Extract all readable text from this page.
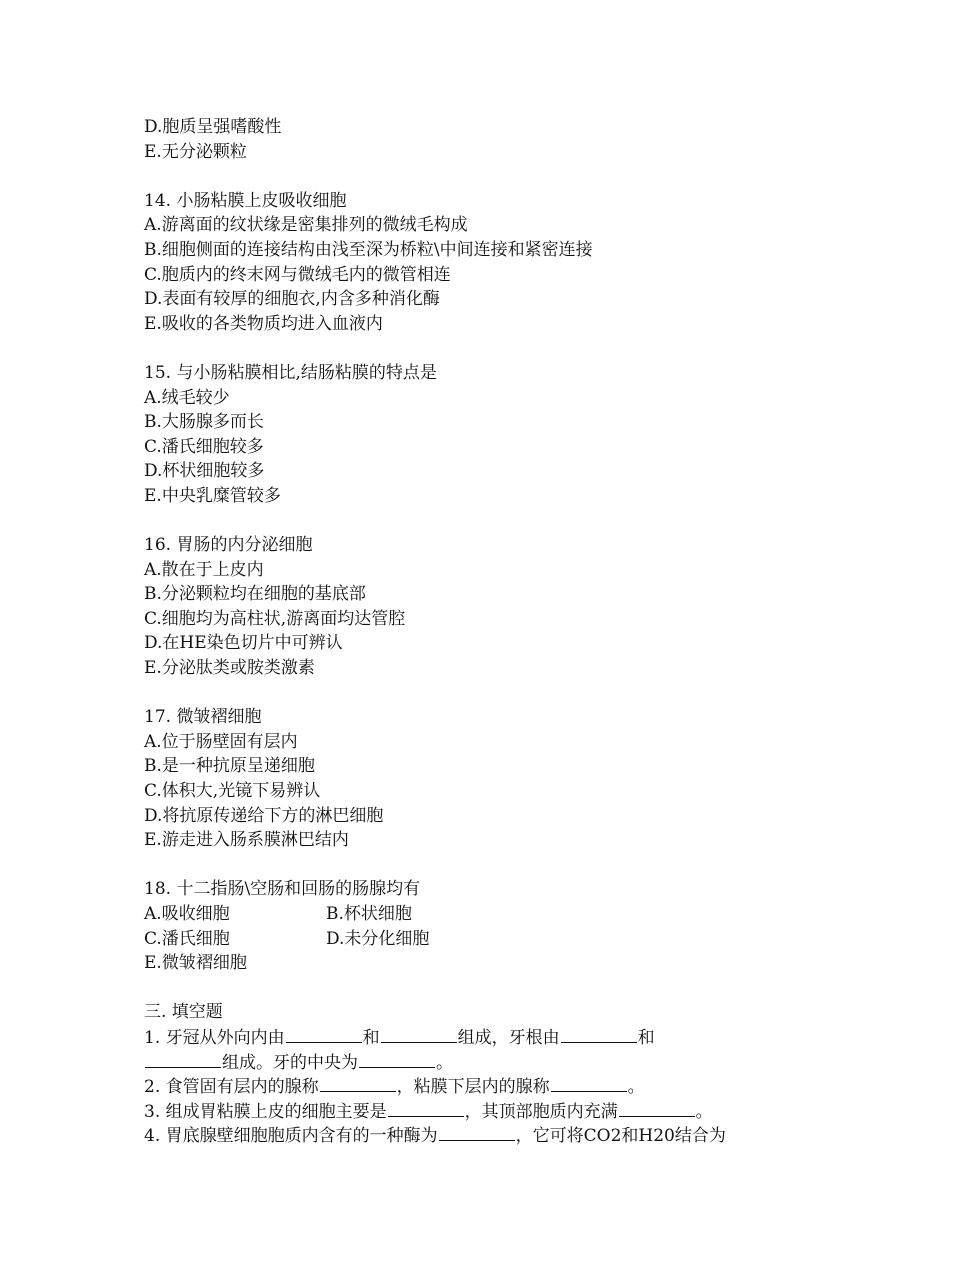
D.胞质呈强嗜酸性
E.无分泌颗粒
14. 小肠粘膜上皮吸收细胞
A.游离面的纹状缘是密集排列的微绒毛构成
B.细胞侧面的连接结构由浅至深为桥粒\中间连接和紧密连接
C.胞质内的终末网与微绒毛内的微管相连
D.表面有较厚的细胞衣,内含多种消化酶
E.吸收的各类物质均进入血液内
15. 与小肠粘膜相比,结肠粘膜的特点是
A.绒毛较少
B.大肠腺多而长
C.潘氏细胞较多
D.杯状细胞较多
E.中央乳糜管较多
16. 胃肠的内分泌细胞
A.散在于上皮内
B.分泌颗粒均在细胞的基底部
C.细胞均为高柱状,游离面均达管腔
D.在HE染色切片中可辨认
E.分泌肽类或胺类激素
17. 微皱褶细胞
A.位于肠壁固有层内
B.是一种抗原呈递细胞
C.体积大,光镜下易辨认
D.将抗原传递给下方的淋巴细胞
E.游走进入肠系膜淋巴结内
18. 十二指肠\空肠和回肠的肠腺均有
A.吸收细胞	B.杯状细胞
C.潘氏细胞	D.未分化细胞
E.微皱褶细胞
三. 填空题
1. 牙冠从外向内由	和	组成，牙根由	和
组成。牙的中央为	。
2. 食管固有层内的腺称	，粘膜下层内的腺称	。
3. 组成胃粘膜上皮的细胞主要是	，其顶部胞质内充满	。
4. 胃底腺壁细胞胞质内含有的一种酶为	，它可将CO2和H20结合为
